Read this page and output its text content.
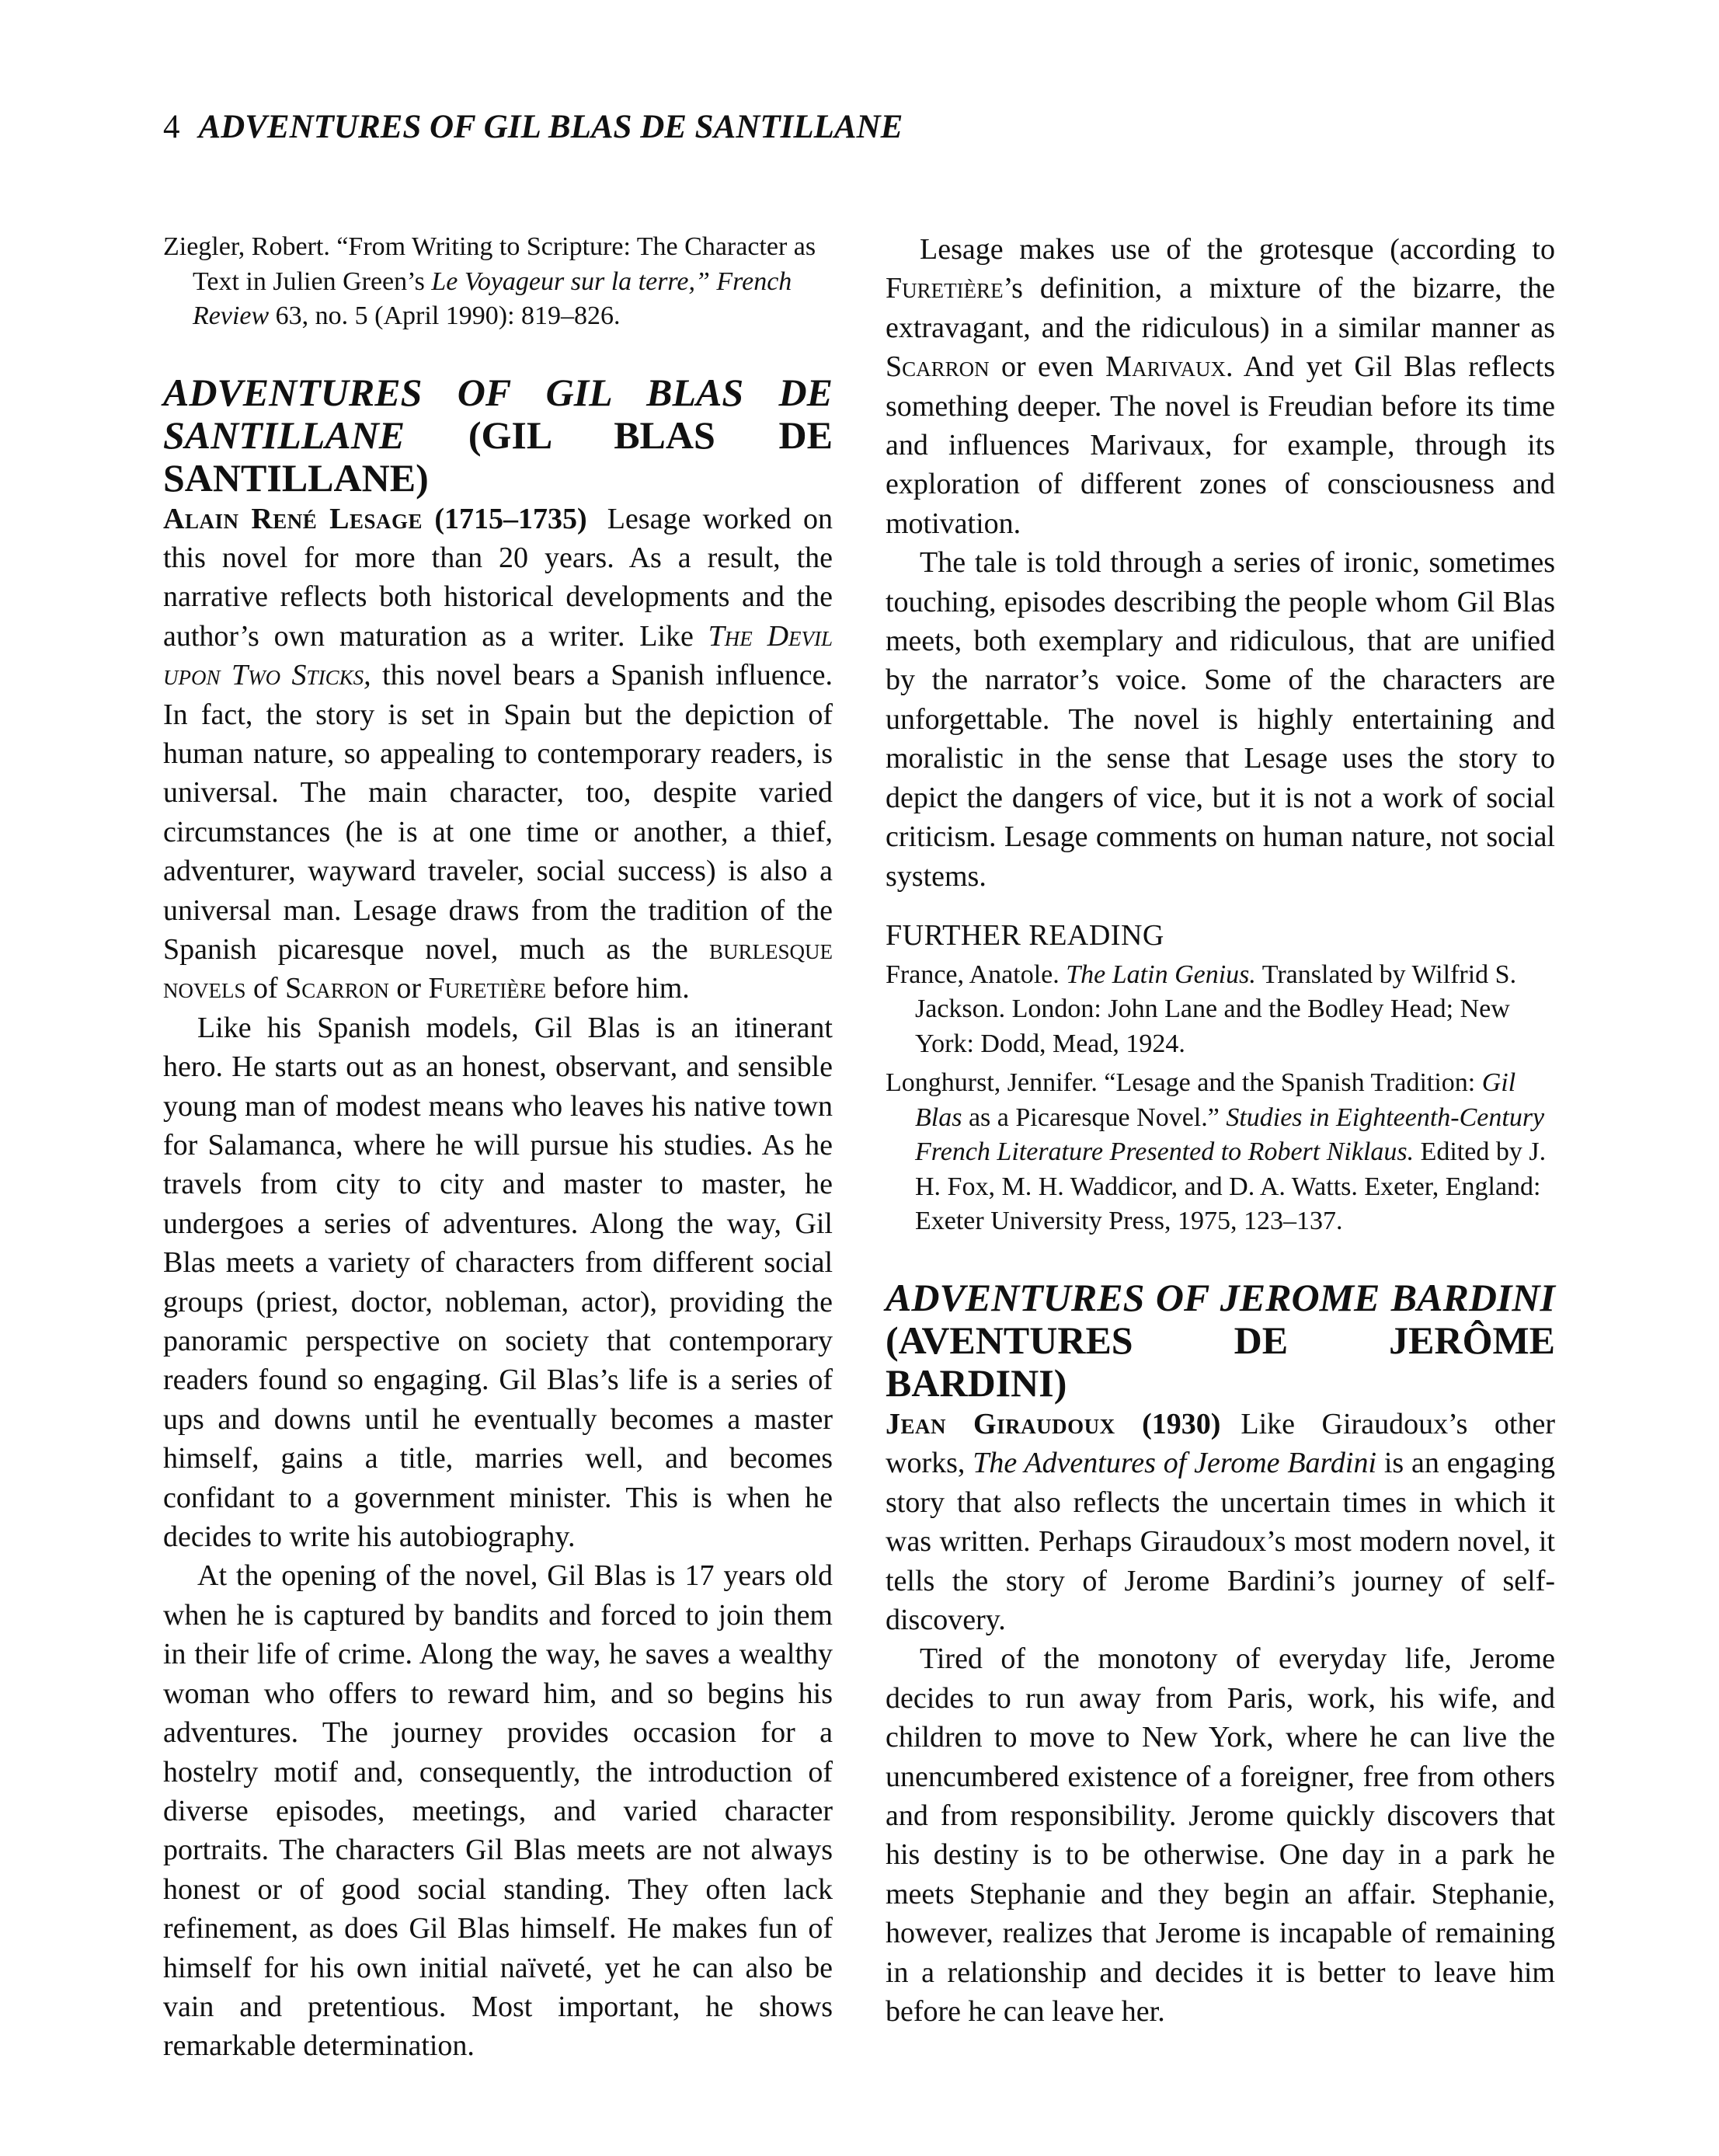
4 ADVENTURES OF GIL BLAS DE SANTILLANE

Ziegler, Robert. “From Writing to Scripture: The Character as Text in Julien Green’s Le Voyageur sur la terre,” French Review 63, no. 5 (April 1990): 819–826.

ADVENTURES OF GIL BLAS DE SANTILLANE (GIL BLAS DE SANTILLANE)

Alain René Lesage (1715–1735) Lesage worked on this novel for more than 20 years. As a result, the narrative reflects both historical developments and the author’s own maturation as a writer. Like The Devil upon Two Sticks, this novel bears a Spanish influence. In fact, the story is set in Spain but the depiction of human nature, so appealing to contemporary readers, is universal. The main character, too, despite varied circumstances (he is at one time or another, a thief, adventurer, wayward traveler, social success) is also a universal man. Lesage draws from the tradition of the Spanish picaresque novel, much as the burlesque novels of Scarron or Furetière before him.

Like his Spanish models, Gil Blas is an itinerant hero. He starts out as an honest, observant, and sensible young man of modest means who leaves his native town for Salamanca, where he will pursue his studies. As he travels from city to city and master to master, he undergoes a series of adventures. Along the way, Gil Blas meets a variety of characters from different social groups (priest, doctor, nobleman, actor), providing the panoramic perspective on society that contemporary readers found so engaging. Gil Blas’s life is a series of ups and downs until he eventually becomes a master himself, gains a title, marries well, and becomes confidant to a government minister. This is when he decides to write his autobiography.

At the opening of the novel, Gil Blas is 17 years old when he is captured by bandits and forced to join them in their life of crime. Along the way, he saves a wealthy woman who offers to reward him, and so begins his adventures. The journey provides occasion for a hostelry motif and, consequently, the introduction of diverse episodes, meetings, and varied character portraits. The characters Gil Blas meets are not always honest or of good social standing. They often lack refinement, as does Gil Blas himself. He makes fun of himself for his own initial naïveté, yet he can also be vain and pretentious. Most important, he shows remarkable determination.

Lesage makes use of the grotesque (according to Furetière’s definition, a mixture of the bizarre, the extravagant, and the ridiculous) in a similar manner as Scarron or even Marivaux. And yet Gil Blas reflects something deeper. The novel is Freudian before its time and influences Marivaux, for example, through its exploration of different zones of consciousness and motivation.

The tale is told through a series of ironic, sometimes touching, episodes describing the people whom Gil Blas meets, both exemplary and ridiculous, that are unified by the narrator’s voice. Some of the characters are unforgettable. The novel is highly entertaining and moralistic in the sense that Lesage uses the story to depict the dangers of vice, but it is not a work of social criticism. Lesage comments on human nature, not social systems.

FURTHER READING

France, Anatole. The Latin Genius. Translated by Wilfrid S. Jackson. London: John Lane and the Bodley Head; New York: Dodd, Mead, 1924.

Longhurst, Jennifer. “Lesage and the Spanish Tradition: Gil Blas as a Picaresque Novel.” Studies in Eighteenth-Century French Literature Presented to Robert Niklaus. Edited by J. H. Fox, M. H. Waddicor, and D. A. Watts. Exeter, England: Exeter University Press, 1975, 123–137.

ADVENTURES OF JEROME BARDINI (AVENTURES DE JERÔME BARDINI)

Jean Giraudoux (1930) Like Giraudoux’s other works, The Adventures of Jerome Bardini is an engaging story that also reflects the uncertain times in which it was written. Perhaps Giraudoux’s most modern novel, it tells the story of Jerome Bardini’s journey of self-discovery.

Tired of the monotony of everyday life, Jerome decides to run away from Paris, work, his wife, and children to move to New York, where he can live the unencumbered existence of a foreigner, free from others and from responsibility. Jerome quickly discovers that his destiny is to be otherwise. One day in a park he meets Stephanie and they begin an affair. Stephanie, however, realizes that Jerome is incapable of remaining in a relationship and decides it is better to leave him before he can leave her.
